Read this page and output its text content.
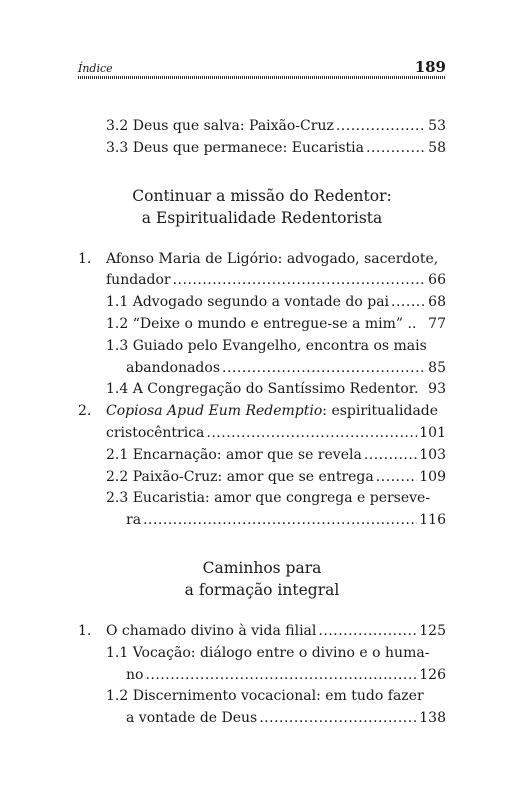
Índice	189
3.2 Deus que salva: Paixão-Cruz .....	53
3.3 Deus que permanece: Eucaristia .....	58
Continuar a missão do Redentor:
a Espiritualidade Redentorista
1. Afonso Maria de Ligório: advogado, sacerdote,
fundador .....	66
1.1 Advogado segundo a vontade do pai .....	68
1.2 “Deixe o mundo e entregue-se a mim” .. 77
1.3 Guiado pelo Evangelho, encontra os mais
abandonados .....	85
1.4 A Congregação do Santíssimo Redentor. 93
2. Copiosa Apud Eum Redemptio: espiritualidade
cristocêntrica .....	101
2.1 Encarnação: amor que se revela .....	103
2.2 Paixão-Cruz: amor que se entrega .....	109
2.3 Eucaristia: amor que congrega e perseve-
ra .....	116
Caminhos para
a formação integral
1.	O chamado divino à vida filial .....	125
1.1 Vocação: diálogo entre o divino e o huma-
no .....	126
1.2 Discernimento vocacional: em tudo fazer
a vontade de Deus .....	138
